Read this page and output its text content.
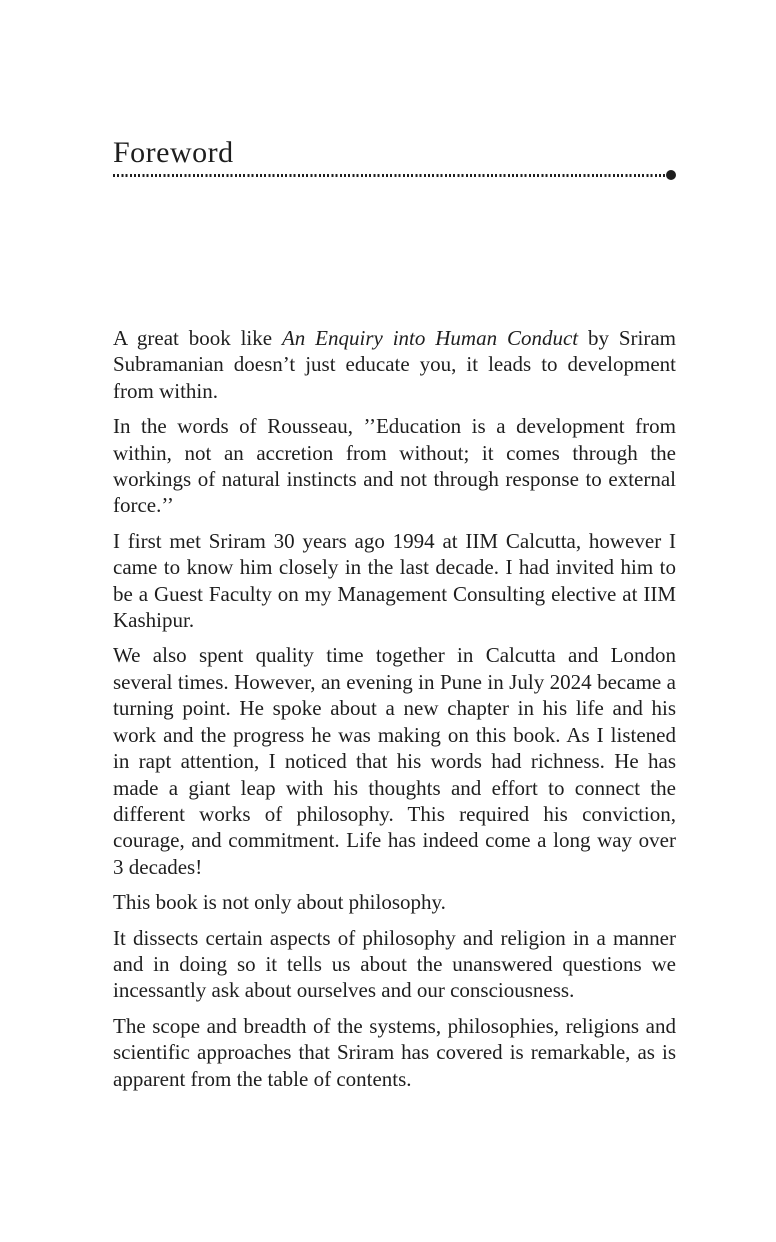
Foreword

A great book like An Enquiry into Human Conduct by Sriram Subramanian doesn’t just educate you, it leads to development from within.

In the words of Rousseau, ’’Education is a development from within, not an accretion from without; it comes through the workings of natural instincts and not through response to external force.’’

I first met Sriram 30 years ago 1994 at IIM Calcutta, however I came to know him closely in the last decade. I had invited him to be a Guest Faculty on my Management Consulting elective at IIM Kashipur.

We also spent quality time together in Calcutta and London several times. However, an evening in Pune in July 2024 became a turning point. He spoke about a new chapter in his life and his work and the progress he was making on this book. As I listened in rapt attention, I noticed that his words had richness. He has made a giant leap with his thoughts and effort to connect the different works of philosophy. This required his conviction, courage, and commitment. Life has indeed come a long way over 3 decades!

This book is not only about philosophy.

It dissects certain aspects of philosophy and religion in a manner and in doing so it tells us about the unanswered questions we incessantly ask about ourselves and our consciousness.

The scope and breadth of the systems, philosophies, religions and scientific approaches that Sriram has covered is remarkable, as is apparent from the table of contents.
